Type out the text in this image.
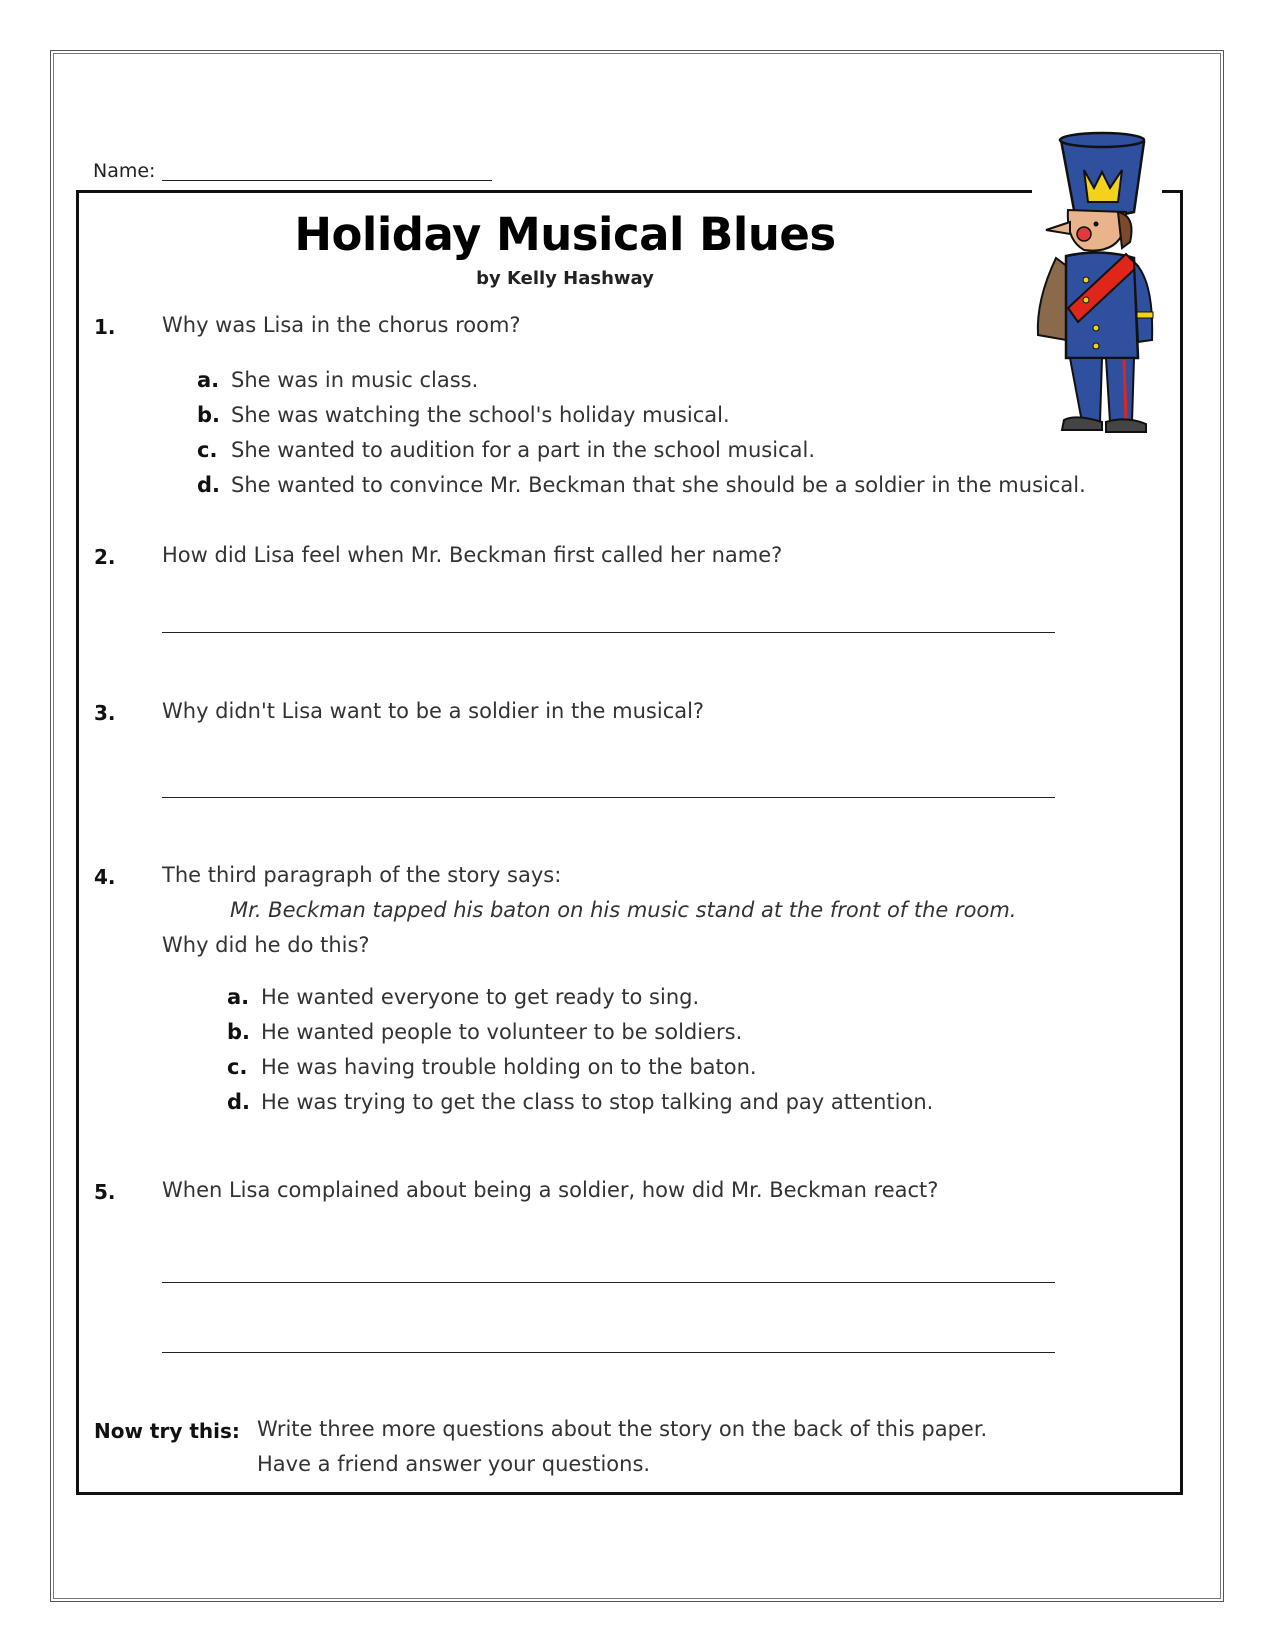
Name:
Holiday Musical Blues
by Kelly Hashway
1. Why was Lisa in the chorus room?
a. She was in music class.
b. She was watching the school's holiday musical.
c. She wanted to audition for a part in the school musical.
d. She wanted to convince Mr. Beckman that she should be a soldier in the musical.
2. How did Lisa feel when Mr. Beckman first called her name?
3. Why didn't Lisa want to be a soldier in the musical?
4. The third paragraph of the story says:
Mr. Beckman tapped his baton on his music stand at the front of the room.
Why did he do this?
a. He wanted everyone to get ready to sing.
b. He wanted people to volunteer to be soldiers.
c. He was having trouble holding on to the baton.
d. He was trying to get the class to stop talking and pay attention.
5. When Lisa complained about being a soldier, how did Mr. Beckman react?
Now try this: Write three more questions about the story on the back of this paper.
Have a friend answer your questions.
